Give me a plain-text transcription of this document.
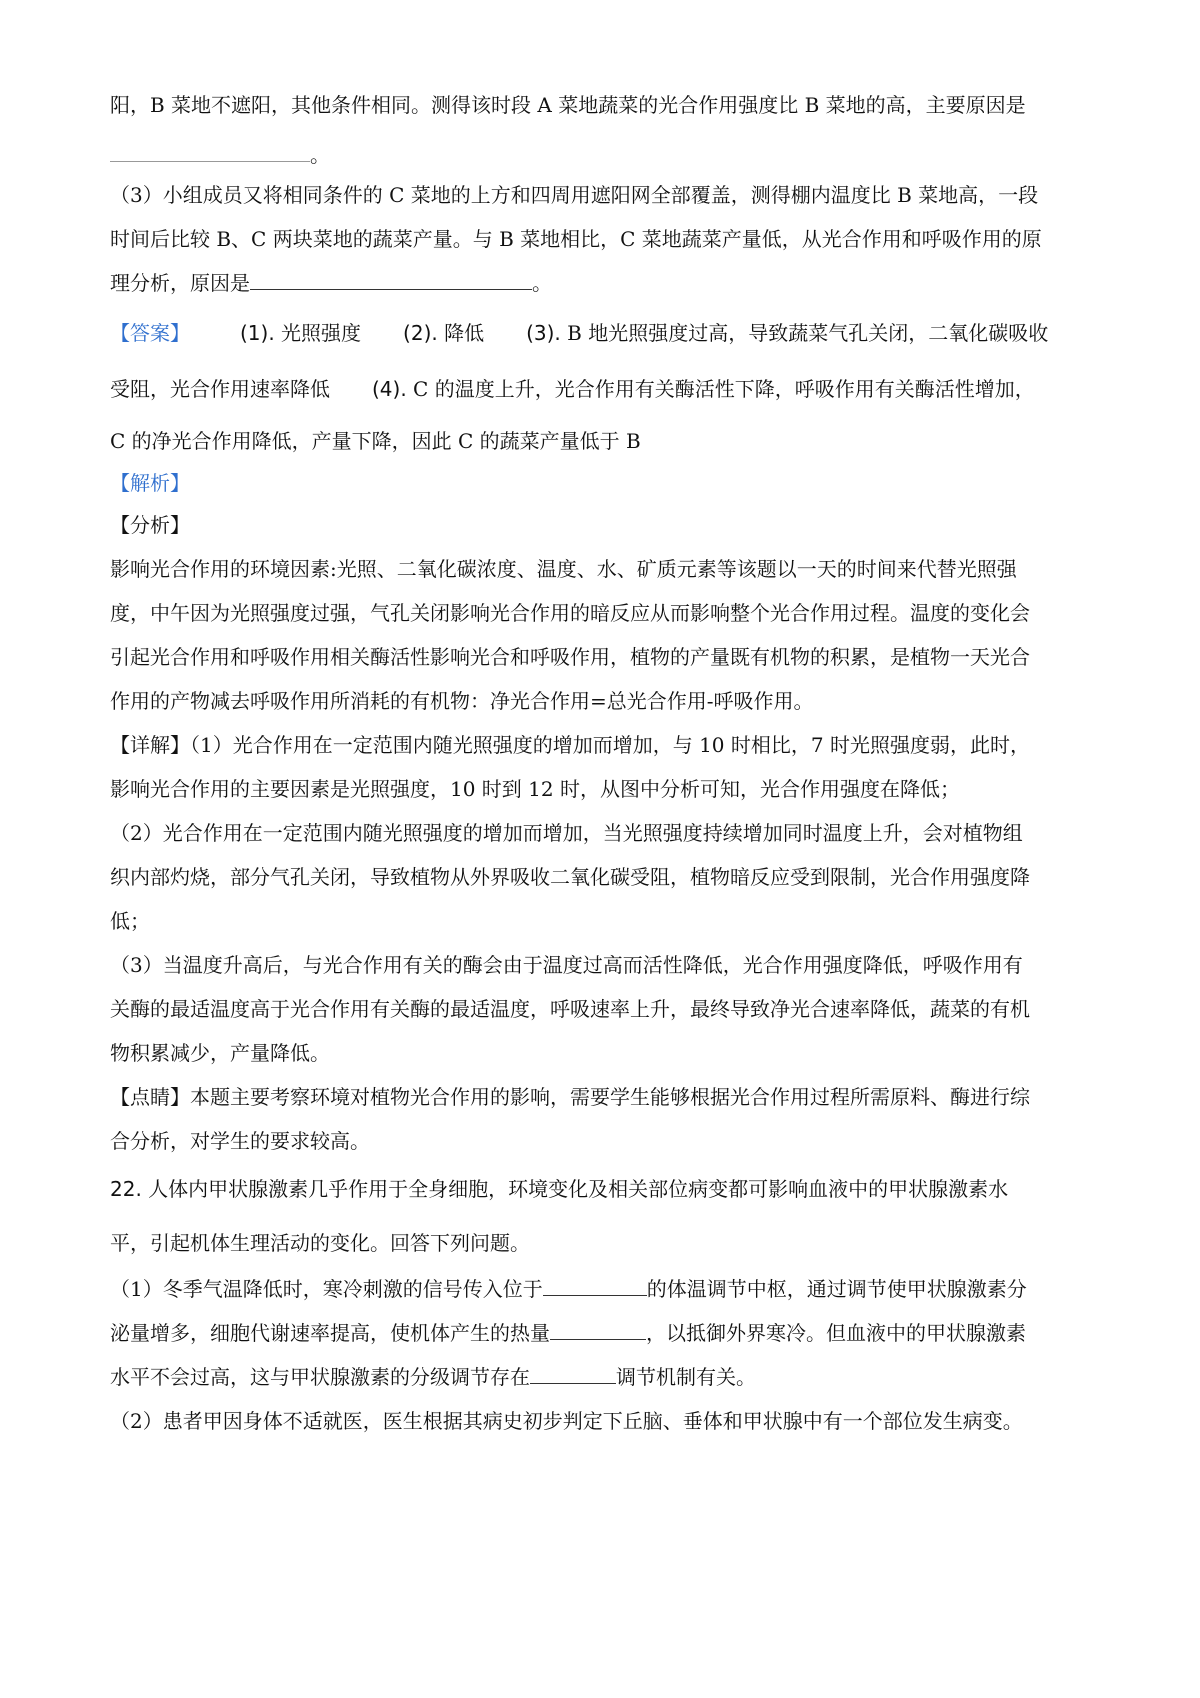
阳，B 菜地不遮阳，其他条件相同。测得该时段 A 菜地蔬菜的光合作用强度比 B 菜地的高，主要原因是
。
（3）小组成员又将相同条件的 C 菜地的上方和四周用遮阳网全部覆盖，测得棚内温度比 B 菜地高，一段
时间后比较 B、C 两块菜地的蔬菜产量。与 B 菜地相比，C 菜地蔬菜产量低，从光合作用和呼吸作用的原
理分析，原因是	。
【答案】	(1). 光照强度 (2). 降低 (3). B 地光照强度过高，导致蔬菜气孔关闭，二氧化碳吸收
受阻，光合作用速率降低 (4). C 的温度上升，光合作用有关酶活性下降，呼吸作用有关酶活性增加，
C 的净光合作用降低，产量下降，因此 C 的蔬菜产量低于 B
【解析】
【分析】
影响光合作用的环境因素:光照、二氧化碳浓度、温度、水、矿质元素等该题以一天的时间来代替光照强
度，中午因为光照强度过强，气孔关闭影响光合作用的暗反应从而影响整个光合作用过程。温度的变化会
引起光合作用和呼吸作用相关酶活性影响光合和呼吸作用，植物的产量既有机物的积累，是植物一天光合
作用的产物减去呼吸作用所消耗的有机物：净光合作用=总光合作用-呼吸作用。
【详解】（1）光合作用在一定范围内随光照强度的增加而增加，与 10 时相比，7 时光照强度弱，此时，
影响光合作用的主要因素是光照强度，10 时到 12 时，从图中分析可知，光合作用强度在降低；
（2）光合作用在一定范围内随光照强度的增加而增加，当光照强度持续增加同时温度上升，会对植物组
织内部灼烧，部分气孔关闭，导致植物从外界吸收二氧化碳受阻，植物暗反应受到限制，光合作用强度降
低；
（3）当温度升高后，与光合作用有关的酶会由于温度过高而活性降低，光合作用强度降低，呼吸作用有
关酶的最适温度高于光合作用有关酶的最适温度，呼吸速率上升，最终导致净光合速率降低，蔬菜的有机
物积累减少，产量降低。
【点睛】本题主要考察环境对植物光合作用的影响，需要学生能够根据光合作用过程所需原料、酶进行综
合分析，对学生的要求较高。
22. 人体内甲状腺激素几乎作用于全身细胞，环境变化及相关部位病变都可影响血液中的甲状腺激素水
平，引起机体生理活动的变化。回答下列问题。
（1）冬季气温降低时，寒冷刺激的信号传入位于	的体温调节中枢，通过调节使甲状腺激素分
泌量增多，细胞代谢速率提高，使机体产生的热量	，以抵御外界寒冷。但血液中的甲状腺激素
水平不会过高，这与甲状腺激素的分级调节存在	调节机制有关。
（2）患者甲因身体不适就医，医生根据其病史初步判定下丘脑、垂体和甲状腺中有一个部位发生病变。
